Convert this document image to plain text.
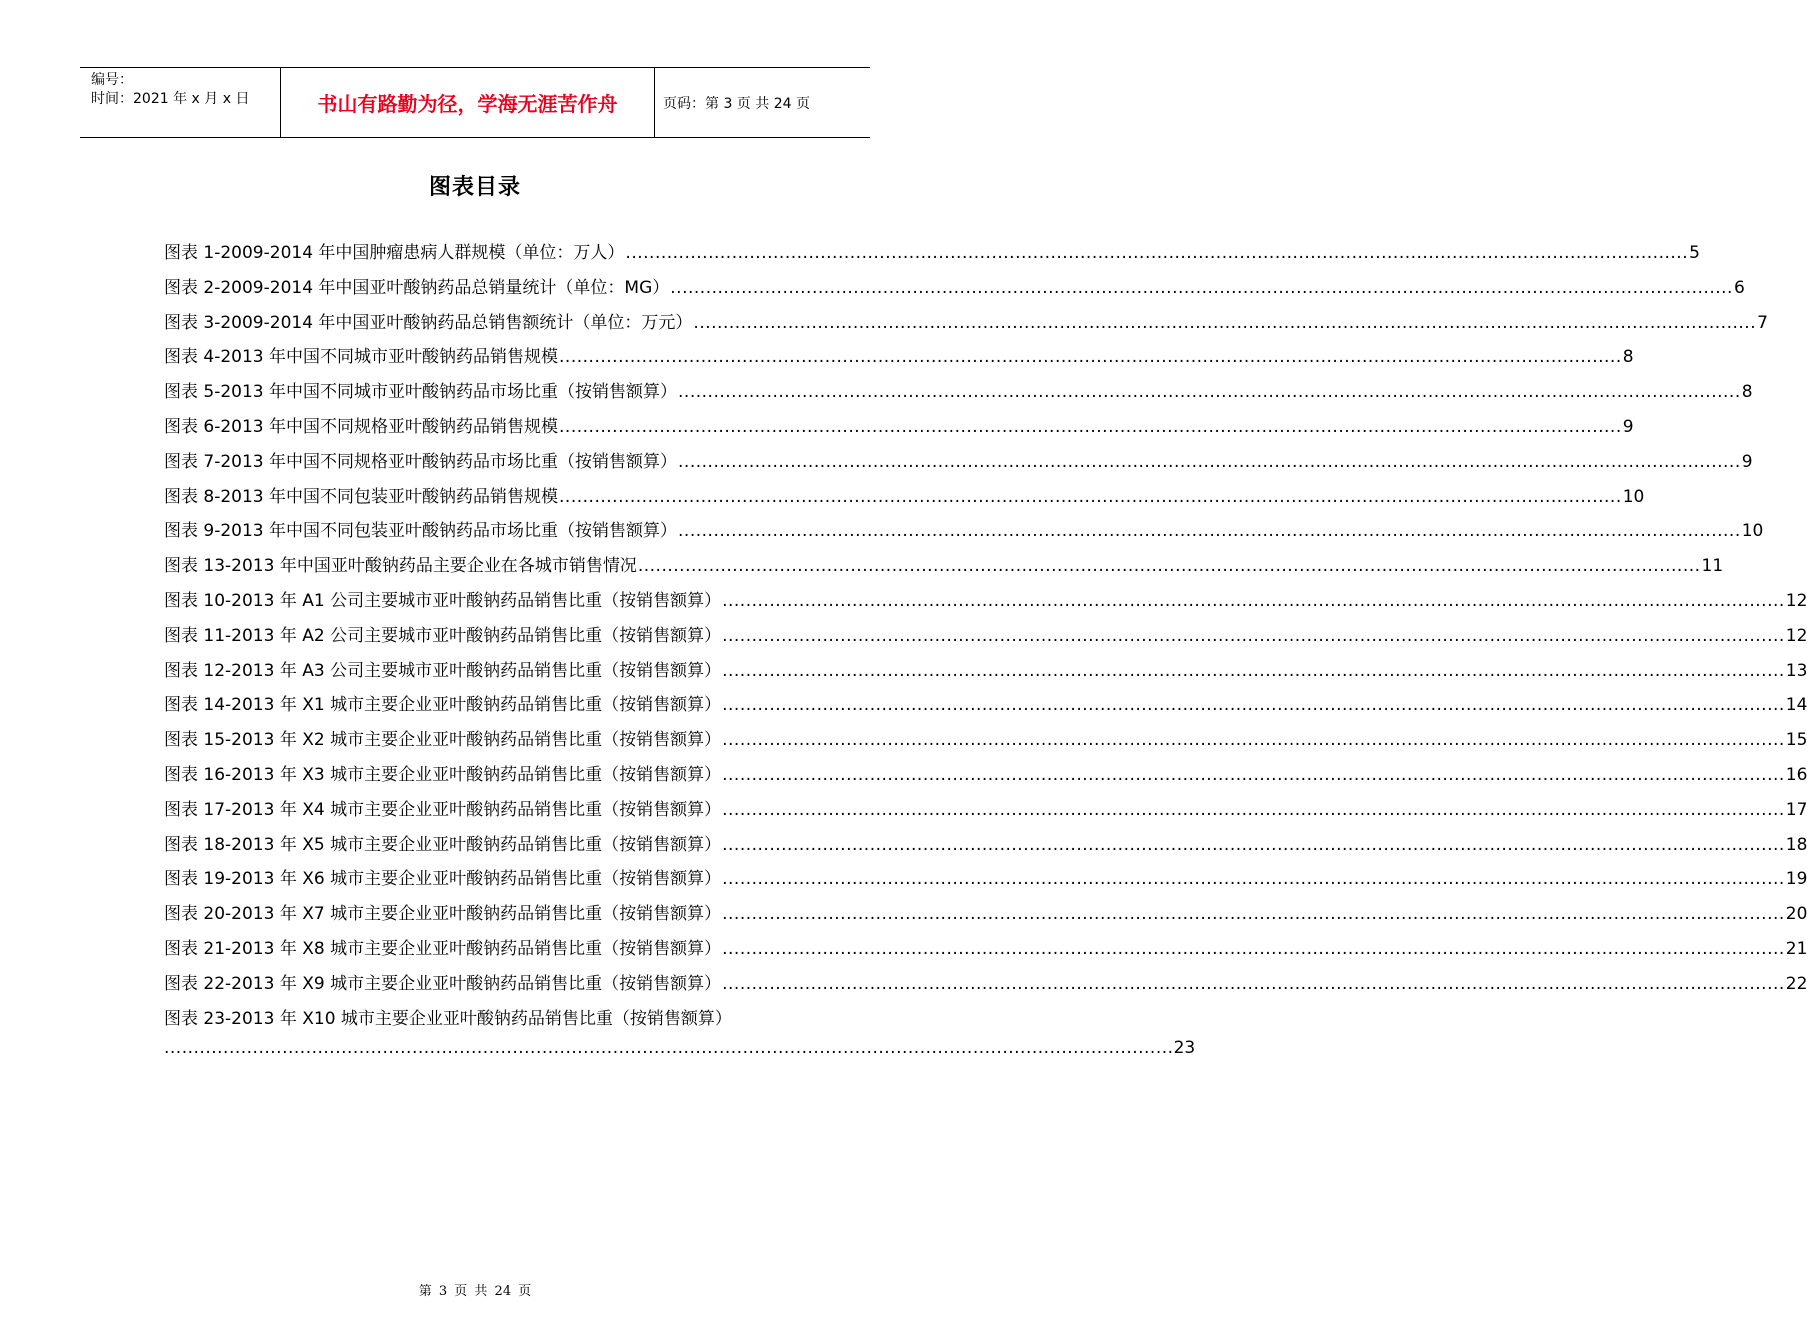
编号：
时间：2021 年 x 月 x 日	书山有路勤为径，学海无涯苦作舟	页码：第 3 页 共 24 页
图表目录
图表 1-2009-2014 年中国肿瘤患病人群规模（单位：万人） .....	5
图表 2-2009-2014 年中国亚叶酸钠药品总销量统计（单位：MG） .....	6
图表 3-2009-2014 年中国亚叶酸钠药品总销售额统计（单位：万元） .....	7
图表 4-2013 年中国不同城市亚叶酸钠药品销售规模 .....	8
图表 5-2013 年中国不同城市亚叶酸钠药品市场比重（按销售额算） .....	8
图表 6-2013 年中国不同规格亚叶酸钠药品销售规模 .....	9
图表 7-2013 年中国不同规格亚叶酸钠药品市场比重（按销售额算） .....	9
图表 8-2013 年中国不同包装亚叶酸钠药品销售规模 .....	10
图表 9-2013 年中国不同包装亚叶酸钠药品市场比重（按销售额算） .....	10
图表 13-2013 年中国亚叶酸钠药品主要企业在各城市销售情况 .....	11
图表 10-2013 年 A1 公司主要城市亚叶酸钠药品销售比重（按销售额算） .....	12
图表 11-2013 年 A2 公司主要城市亚叶酸钠药品销售比重（按销售额算） .....	12
图表 12-2013 年 A3 公司主要城市亚叶酸钠药品销售比重（按销售额算） .....	13
图表 14-2013 年 X1 城市主要企业亚叶酸钠药品销售比重（按销售额算） .....	14
图表 15-2013 年 X2 城市主要企业亚叶酸钠药品销售比重（按销售额算） .....	15
图表 16-2013 年 X3 城市主要企业亚叶酸钠药品销售比重（按销售额算） .....	16
图表 17-2013 年 X4 城市主要企业亚叶酸钠药品销售比重（按销售额算） .....	17
图表 18-2013 年 X5 城市主要企业亚叶酸钠药品销售比重（按销售额算） .....	18
图表 19-2013 年 X6 城市主要企业亚叶酸钠药品销售比重（按销售额算） .....	19
图表 20-2013 年 X7 城市主要企业亚叶酸钠药品销售比重（按销售额算） .....	20
图表 21-2013 年 X8 城市主要企业亚叶酸钠药品销售比重（按销售额算） .....	21
图表 22-2013 年 X9 城市主要企业亚叶酸钠药品销售比重（按销售额算） .....	22
图表 23-2013 年 X10 城市主要企业亚叶酸钠药品销售比重（按销售额算）
........................................................................................................................................................................... 23
第 3 页 共 24 页
